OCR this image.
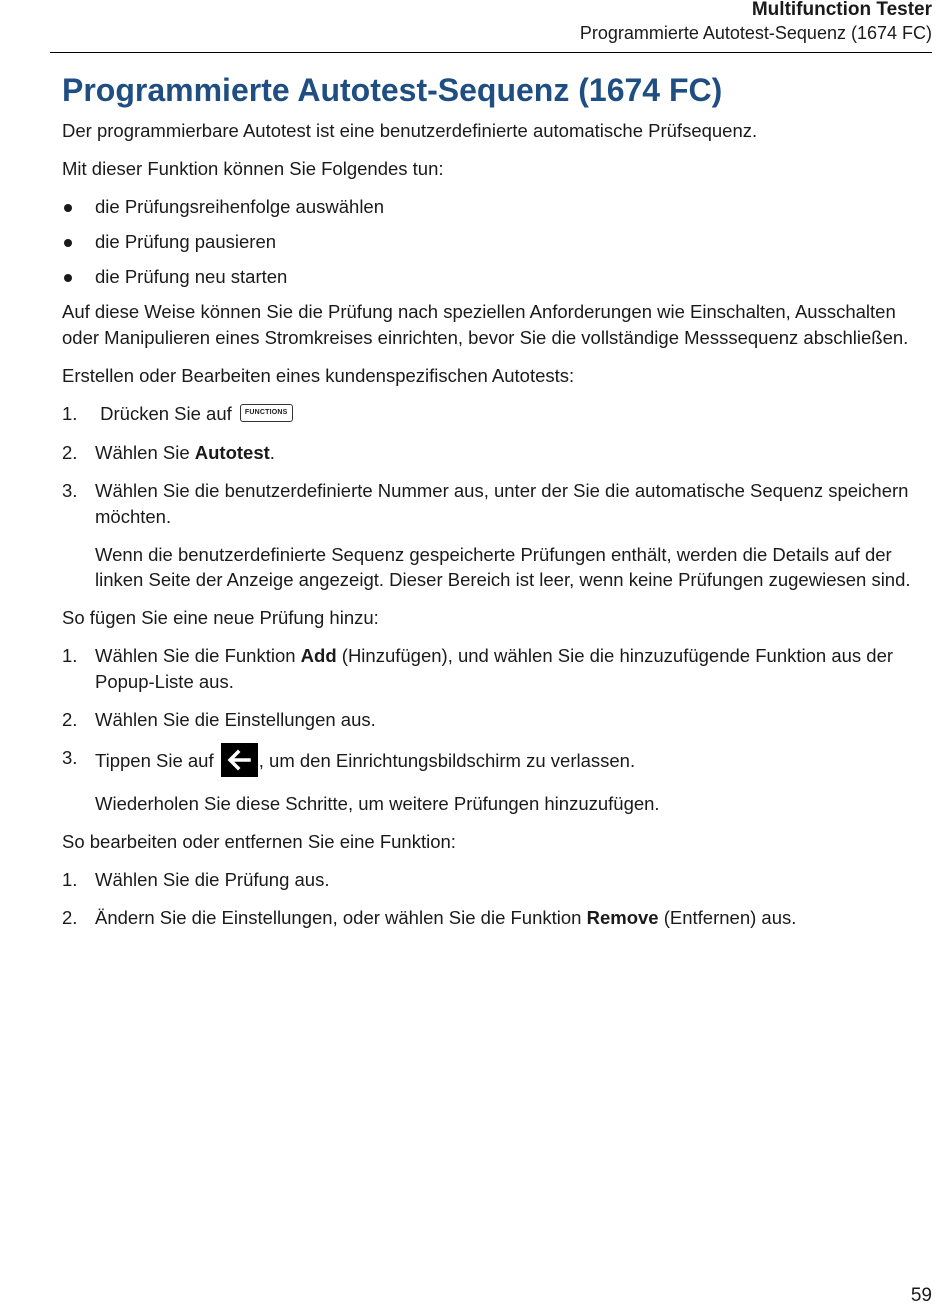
Multifunction Tester
Programmierte Autotest-Sequenz (1674 FC)
Programmierte Autotest-Sequenz (1674 FC)

Der programmierbare Autotest ist eine benutzerdefinierte automatische Prüfsequenz.

Mit dieser Funktion können Sie Folgendes tun:

die Prüfungsreihenfolge auswählen
die Prüfung pausieren
die Prüfung neu starten

Auf diese Weise können Sie die Prüfung nach speziellen Anforderungen wie Einschalten, Ausschalten oder Manipulieren eines Stromkreises einrichten, bevor Sie die vollständige Messsequenz abschließen.

Erstellen oder Bearbeiten eines kundenspezifischen Autotests:

1. Drücken Sie auf FUNCTIONS
2. Wählen Sie Autotest.
3. Wählen Sie die benutzerdefinierte Nummer aus, unter der Sie die automatische Sequenz speichern möchten.

Wenn die benutzerdefinierte Sequenz gespeicherte Prüfungen enthält, werden die Details auf der linken Seite der Anzeige angezeigt. Dieser Bereich ist leer, wenn keine Prüfungen zugewiesen sind.

So fügen Sie eine neue Prüfung hinzu:

1. Wählen Sie die Funktion Add (Hinzufügen), und wählen Sie die hinzuzufügende Funktion aus der Popup-Liste aus.
2. Wählen Sie die Einstellungen aus.
3. Tippen Sie auf
, um den Einrichtungsbildschirm zu verlassen.

Wiederholen Sie diese Schritte, um weitere Prüfungen hinzuzufügen.

So bearbeiten oder entfernen Sie eine Funktion:

1. Wählen Sie die Prüfung aus.
2. Ändern Sie die Einstellungen, oder wählen Sie die Funktion Remove (Entfernen) aus.
59
